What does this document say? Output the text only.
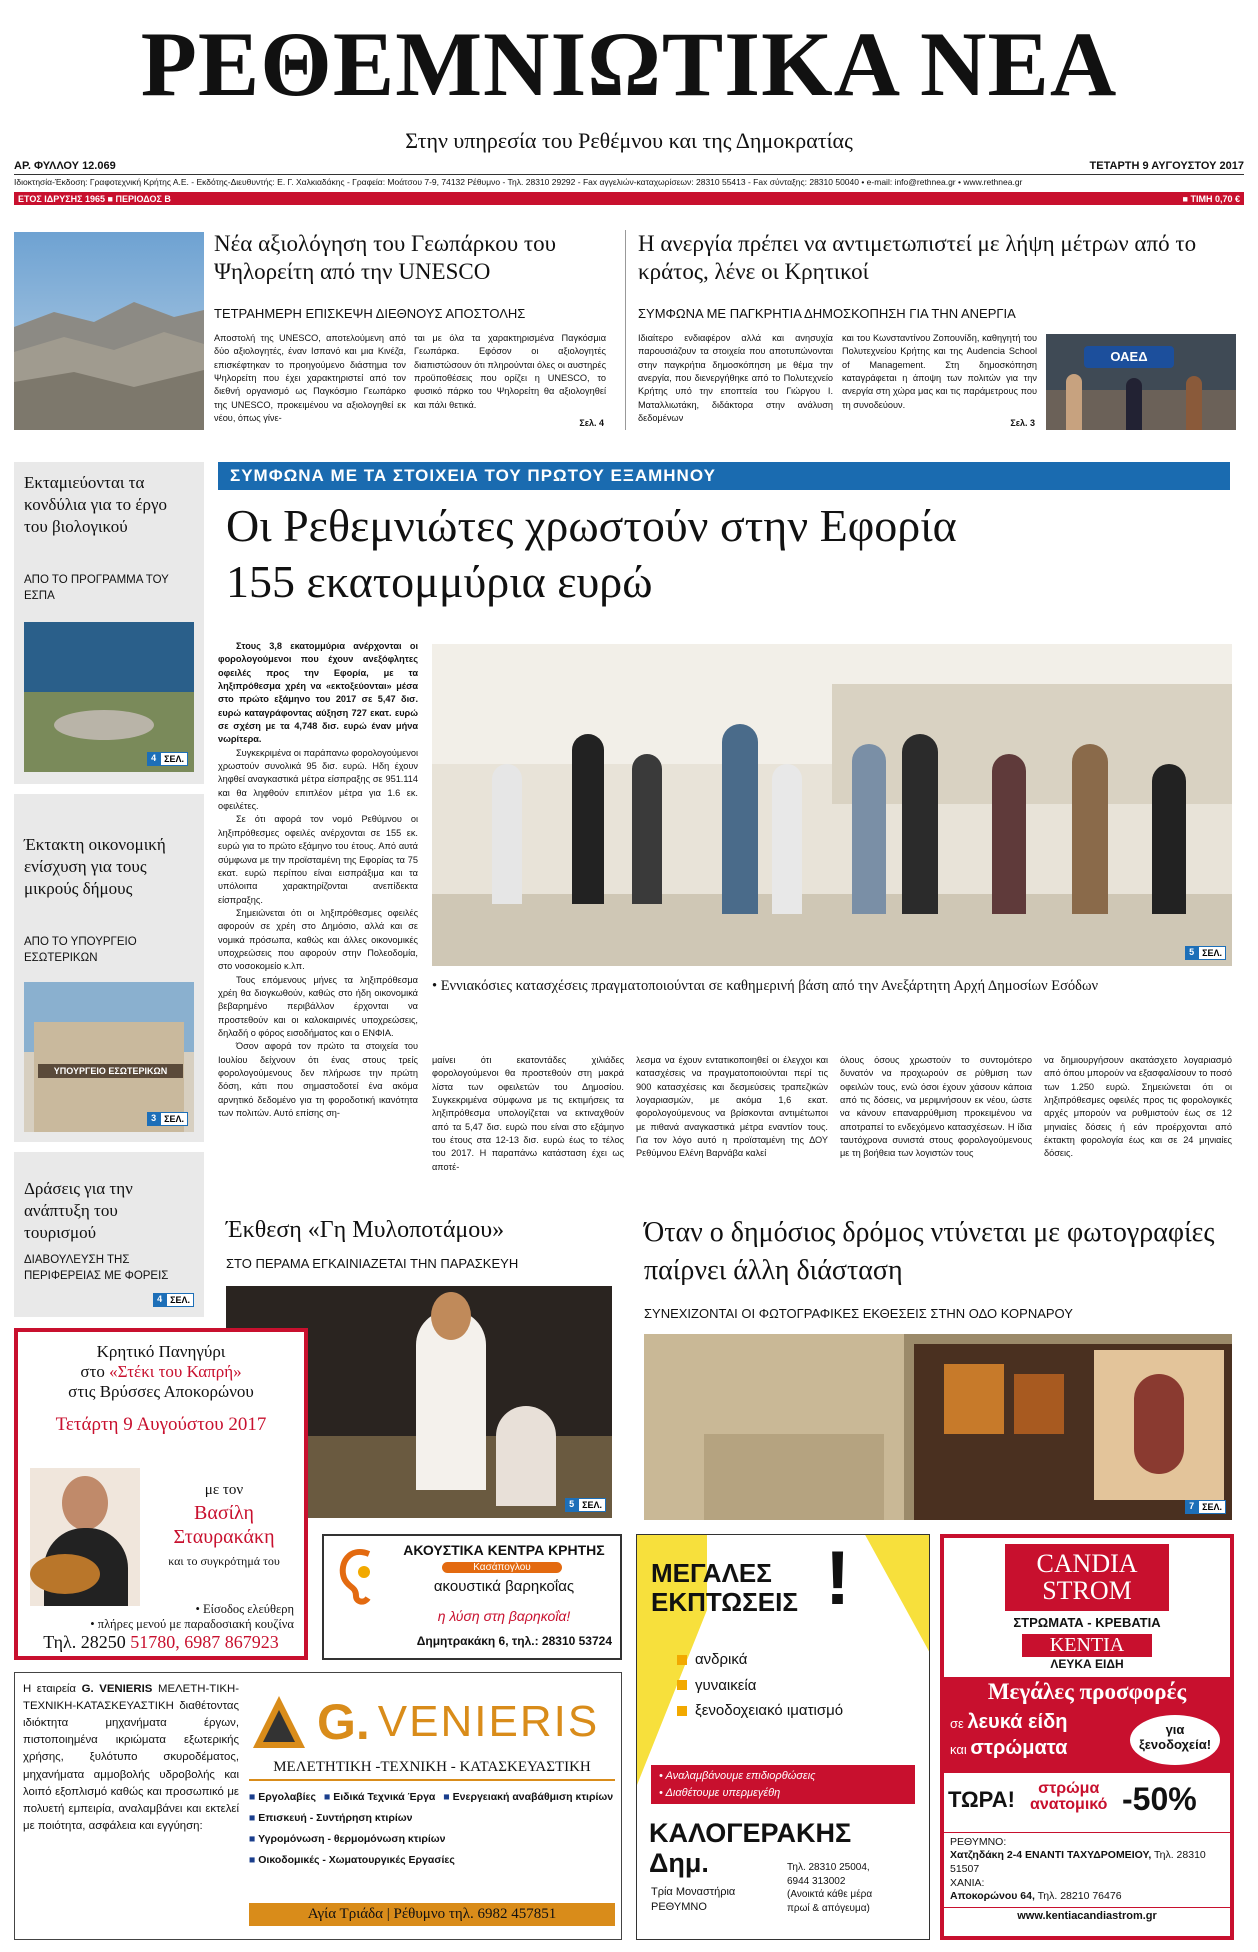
ΡΕΘΕΜΝΙΩΤΙΚΑ ΝΕΑ
Στην υπηρεσία του Ρεθέμνου και της Δημοκρατίας
ΑΡ. ΦΥΛΛΟΥ 12.069	ΤΕΤΑΡΤΗ 9 ΑΥΓΟΥΣΤΟΥ 2017
Ιδιοκτησία-Έκδοση: Γραφοτεχνική Κρήτης Α.Ε. - Εκδότης-Διευθυντής: Ε. Γ. Χαλκιαδάκης - Γραφεία: Μοάτσου 7-9, 74132 Ρέθυμνο - Τηλ. 28310 29292 - Fax αγγελιών-καταχωρίσεων: 28310 55413 - Fax σύνταξης: 28310 50040 • e-mail: info@rethnea.gr • www.rethnea.gr
ΕΤΟΣ ΙΔΡΥΣΗΣ 1965 ■ ΠΕΡΙΟΔΟΣ Β	■ ΤΙΜΗ 0,70 €
Νέα αξιολόγηση του Γεωπάρκου του Ψηλορείτη από την UNESCO
ΤΕΤΡΑΗΜΕΡΗ ΕΠΙΣΚΕΨΗ ΔΙΕΘΝΟΥΣ ΑΠΟΣΤΟΛΗΣ
Αποστολή της UNESCO, αποτελούμενη από δύο αξιολογητές, έναν Ισπανό και μια Κινέζα, επισκέφτηκαν το προηγούμενο διάστημα τον Ψηλορείτη που έχει χαρακτηριστεί από τον διεθνή οργανισμό ως Παγκόσμιο Γεωπάρκο της UNESCO, προκειμένου να αξιολογηθεί εκ νέου, όπως γίνε-
ται με όλα τα χαρακτηρισμένα Παγκόσμια Γεωπάρκα. Εφόσον οι αξιολογητές διαπιστώσουν ότι πληρούνται όλες οι αυστηρές προϋποθέσεις που ορίζει η UNESCO, το φυσικό πάρκο του Ψηλορείτη θα αξιολογηθεί και πάλι θετικά.
Σελ. 4
Η ανεργία πρέπει να αντιμετωπιστεί με λήψη μέτρων από το κράτος, λένε οι Κρητικοί
ΣΥΜΦΩΝΑ ΜΕ ΠΑΓΚΡΗΤΙΑ ΔΗΜΟΣΚΟΠΗΣΗ ΓΙΑ ΤΗΝ ΑΝΕΡΓΙΑ
Ιδιαίτερο ενδιαφέρον αλλά και ανησυχία παρουσιάζουν τα στοιχεία που αποτυπώνονται στην παγκρήτια δημοσκόπηση με θέμα την ανεργία, που διενεργήθηκε από το Πολυτεχνείο Κρήτης υπό την εποπτεία του Γιώργου Ι. Ματαλλιωτάκη, διδάκτορα στην ανάλυση δεδομένων
και του Κωνσταντίνου Ζοπουνίδη, καθηγητή του Πολυτεχνείου Κρήτης και της Audencia School of Management. Στη δημοσκόπηση καταγράφεται η άποψη των πολιτών για την ανεργία στη χώρα μας και τις παράμετρους που τη συνοδεύουν.
Σελ. 3
ΟΑΕΔ
Εκταμιεύονται τα κονδύλια για το έργο του βιολογικού
ΑΠΟ ΤΟ ΠΡΟΓΡΑΜΜΑ ΤΟΥ ΕΣΠΑ
4 ΣΕΛ.
Έκτακτη οικονομική ενίσχυση για τους μικρούς δήμους
ΑΠΟ ΤΟ ΥΠΟΥΡΓΕΙΟ ΕΣΩΤΕΡΙΚΩΝ
ΥΠΟΥΡΓΕΙΟ ΕΣΩΤΕΡΙΚΩΝ
3 ΣΕΛ.
Δράσεις για την ανάπτυξη του τουρισμού
ΔΙΑΒΟΥΛΕΥΣΗ ΤΗΣ ΠΕΡΙΦΕΡΕΙΑΣ ΜΕ ΦΟΡΕΙΣ
4 ΣΕΛ.
ΣΥΜΦΩΝΑ ΜΕ ΤΑ ΣΤΟΙΧΕΙΑ ΤΟΥ ΠΡΩΤΟΥ ΕΞΑΜΗΝΟΥ
Οι Ρεθεμνιώτες χρωστούν στην Εφορία
155 εκατομμύρια ευρώ

Στους 3,8 εκατομμύρια ανέρχονται οι φορολογούμενοι που έχουν ανεξόφλητες οφειλές προς την Εφορία, με τα ληξιπρόθεσμα χρέη να «εκτοξεύονται» μέσα στο πρώτο εξάμηνο του 2017 σε 5,47 δισ. ευρώ καταγράφοντας αύξηση 727 εκατ. ευρώ σε σχέση με τα 4,748 δισ. ευρώ έναν μήνα νωρίτερα.

Συγκεκριμένα οι παράπανω φορολογούμενοι χρωστούν συνολικά 95 δισ. ευρώ. Ηδη έχουν ληφθεί αναγκαστικά μέτρα είσπραξης σε 951.114 και θα ληφθούν επιπλέον μέτρα για 1.6 εκ. οφειλέτες.

Σε ότι αφορά τον νομό Ρεθύμνου οι ληξιπρόθεσμες οφειλές ανέρχονται σε 155 εκ. ευρώ για το πρώτο εξάμηνο του έτους. Από αυτά σύμφωνα με την προϊσταμένη της Εφορίας τα 75 εκατ. ευρώ περίπου είναι εισπράξιμα και τα υπόλοιπα χαρακτηρίζονται ανεπίδεκτα είσπραξης.

Σημειώνεται ότι οι ληξιπρόθεσμες οφειλές αφορούν σε χρέη στο Δημόσιο, αλλά και σε νομικά πρόσωπα, καθώς και άλλες οικονομικές υποχρεώσεις που αφορούν στην Πολεοδομία, στο νοσοκομείο κ.λπ.

Τους επόμενους μήνες τα ληξιπρόθεσμα χρέη θα διογκωθούν, καθώς στο ήδη οικονομικά βεβαρημένο περιβάλλον έρχονται να προστεθούν και οι καλοκαιρινές υποχρεώσεις, δηλαδή ο φόρος εισοδήματος και ο ΕΝΦΙΑ.

Όσον αφορά τον πρώτο τα στοιχεία του Ιουλίου δείχνουν ότι ένας στους τρείς φορολογούμενους δεν πλήρωσε την πρώτη δόση, κάτι που σημαστοδοτεί ένα ακόμα αρνητικό δεδομένο για τη φοροδοτική ικανότητα των πολιτών. Αυτό επίσης ση-

5 ΣΕΛ.
• Εννιακόσιες κατασχέσεις πραγματοποιούνται σε καθημερινή βάση από την Ανεξάρτητη Αρχή Δημοσίων Εσόδων
μαίνει ότι εκατοντάδες χιλιάδες φορολογούμενοι θα προστεθούν στη μακρά λίστα των οφειλετών του Δημοσίου. Συγκεκριμένα σύμφωνα με τις εκτιμήσεις τα ληξιπρόθεσμα υπολογίζεται να εκτιναχθούν από τα 5,47 δισ. ευρώ που είναι στο εξάμηνο του έτους στα 12-13 δισ. ευρώ έως το τέλος του 2017. Η παραπάνω κατάσταση έχει ως αποτέ-
λεσμα να έχουν εντατικοποιηθεί οι έλεγχοι και κατασχέσεις να πραγματοποιούνται περί τις 900 κατασχέσεις και δεσμεύσεις τραπεζικών λογαριασμών, με ακόμα 1,6 εκατ. φορολογούμενους να βρίσκονται αντιμέτωποι με πιθανά αναγκαστικά μέτρα εναντίον τους. Για τον λόγο αυτό η προϊσταμένη της ΔΟΥ Ρεθύμνου Ελένη Βαρνάβα καλεί
όλους όσους χρωστούν το συντομότερο δυνατόν να προχωρούν σε ρύθμιση των οφειλών τους, ενώ όσοι έχουν χάσουν κάποια από τις δόσεις, να μεριμνήσουν εκ νέου, ώστε να κάνουν επαναρρύθμιση προκειμένου να αποτραπεί το ενδεχόμενο κατασχέσεων. Η ίδια ταυτόχρονα συνιστά στους φορολογούμενους με τη βοήθεια των λογιστών τους
να δημιουργήσουν ακατάσχετο λογαριασμό από όπου μπορούν να εξασφαλίσουν το ποσό των 1.250 ευρώ. Σημειώνεται ότι οι ληξιπρόθεσμες οφειλές προς τις φορολογικές αρχές μπορούν να ρυθμιστούν έως σε 12 μηνιαίες δόσεις ή εάν προέρχονται από έκτακτη φορολογία έως και σε 24 μηνιαίες δόσεις.
Έκθεση «Γη Μυλοποτάμου»
ΣΤΟ ΠΕΡΑΜΑ ΕΓΚΑΙΝΙΑΖΕΤΑΙ ΤΗΝ ΠΑΡΑΣΚΕΥΗ
5 ΣΕΛ.
Όταν ο δημόσιος δρόμος ντύνεται με φωτογραφίες παίρνει άλλη διάσταση
ΣΥΝΕΧΙΖΟΝΤΑΙ ΟΙ ΦΩΤΟΓΡΑΦΙΚΕΣ ΕΚΘΕΣΕΙΣ ΣΤΗΝ ΟΔΟ ΚΟΡΝΑΡΟΥ
7 ΣΕΛ.
Κρητικό Πανηγύρι
στο «Στέκι του Καπρή»
στις Βρύσσες Αποκορώνου
Τετάρτη 9 Αυγούστου 2017
με τον
Βασίλη
Σταυρακάκη
και το συγκρότημά του
• Είσοδος ελεύθερη
• πλήρες μενού με παραδοσιακή κουζίνα
Τηλ. 28250 51780, 6987 867923
ΑΚΟΥΣΤΙΚΑ ΚΕΝΤΡΑ ΚΡΗΤΗΣ
Κασάπογλου
ακουστικά βαρηκοΐας
η λύση στη βαρηκοΐα!
Δημητρακάκη 6, τηλ.: 28310 53724
ΜΕΓΑΛΕΣ
ΕΚΠΤΩΣΕΙΣ !
ανδρικά
γυναικεία
ξενοδοχειακό ιματισμό
• Αναλαμβάνουμε επιδιορθώσεις
• Διαθέτουμε υπερμεγέθη
ΚΑΛΟΓΕΡΑΚΗΣ
Δημ.
Τρία Μοναστήρια
ΡΕΘΥΜΝΟ
Τηλ. 28310 25004,
6944 313002
(Ανοικτά κάθε μέρα
πρωί & απόγευμα)
CANDIA
STROM
ΣΤΡΩΜΑΤΑ - ΚΡΕΒΑΤΙΑ
ΚΕΝΤΙΑ
ΛΕΥΚΑ ΕΙΔΗ
Μεγάλες προσφορές
σε λευκά είδη
και στρώματα
για
ξενοδοχεία!
ΤΩΡΑ!	στρώμα
ανατομικό -50%
ΡΕΘΥΜΝΟ:
Χατζηδάκη 2-4 ΕΝΑΝΤΙ ΤΑΧΥΔΡΟΜΕΙΟΥ, Τηλ. 28310 51507
ΧΑΝΙΑ:
Αποκορώνου 64, Τηλ. 28210 76476
www.kentiacandiastrom.gr
Η εταιρεία G. VENIERIS ΜΕΛΕΤΗ-ΤΙΚΗ-ΤΕΧΝΙΚΗ-ΚΑΤΑΣΚΕΥΑΣΤΙΚΗ διαθέτοντας ιδιόκτητα μηχανήματα έργων, πιστοποιημένα ικριώματα εξωτερικής χρήσης, ξυλότυπο σκυροδέματος, μηχανήματα αμμοβολής υδροβολής και λοιπό εξοπλισμό καθώς και προσωπικό με πολυετή εμπειρία, αναλαμβάνει και εκτελεί με ποιότητα, ασφάλεια και εγγύηση:
G. VENIERIS
ΜΕΛΕΤΗΤΙΚΗ -ΤΕΧΝΙΚΗ - ΚΑΤΑΣΚΕΥΑΣΤΙΚΗ
■ Εργολαβίες ■ Ειδικά Τεχνικά Έργα ■ Ενεργειακή αναβάθμιση κτιρίων
■ Επισκευή - Συντήρηση κτιρίων
■ Υγρομόνωση - θερμομόνωση κτιρίων
■ Οικοδομικές - Χωματουργικές Εργασίες
Αγία Τριάδα | Ρέθυμνο τηλ. 6982 457851
